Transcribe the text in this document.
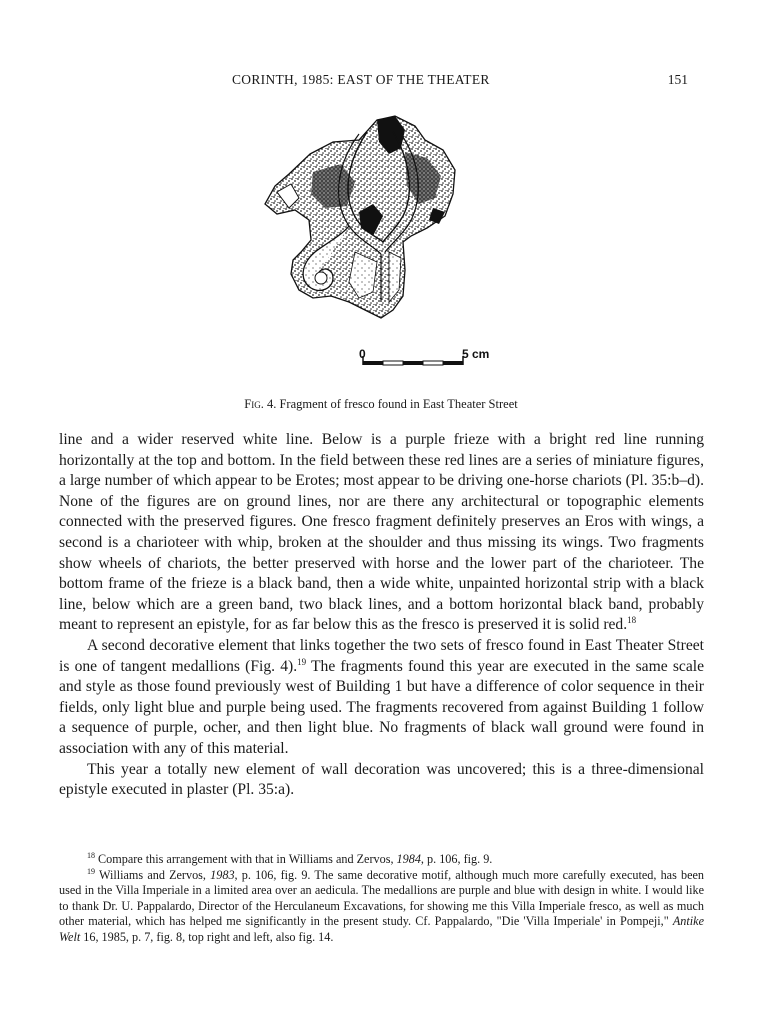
CORINTH, 1985: EAST OF THE THEATER	151
0	5 cm
Fig. 4. Fragment of fresco found in East Theater Street

line and a wider reserved white line. Below is a purple frieze with a bright red line running horizontally at the top and bottom. In the field between these red lines are a series of miniature figures, a large number of which appear to be Erotes; most appear to be driving one-horse chariots (Pl. 35:b–d). None of the figures are on ground lines, nor are there any architectural or topographic elements connected with the preserved figures. One fresco fragment definitely preserves an Eros with wings, a second is a charioteer with whip, broken at the shoulder and thus missing its wings. Two fragments show wheels of chariots, the better preserved with horse and the lower part of the charioteer. The bottom frame of the frieze is a black band, then a wide white, unpainted horizontal strip with a black line, below which are a green band, two black lines, and a bottom horizontal black band, probably meant to represent an epistyle, for as far below this as the fresco is preserved it is solid red.$^{18}$

A second decorative element that links together the two sets of fresco found in East Theater Street is one of tangent medallions (Fig. 4).$^{19}$ The fragments found this year are executed in the same scale and style as those found previously west of Building 1 but have a difference of color sequence in their fields, only light blue and purple being used. The fragments recovered from against Building 1 follow a sequence of purple, ocher, and then light blue. No fragments of black wall ground were found in association with any of this material.

This year a totally new element of wall decoration was uncovered; this is a three-dimensional epistyle executed in plaster (Pl. 35:a).

$^{18}$ Compare this arrangement with that in Williams and Zervos, 1984, p. 106, fig. 9.

$^{19}$ Williams and Zervos, 1983, p. 106, fig. 9. The same decorative motif, although much more carefully executed, has been used in the Villa Imperiale in a limited area over an aedicula. The medallions are purple and blue with design in white. I would like to thank Dr. U. Pappalardo, Director of the Herculaneum Excavations, for showing me this Villa Imperiale fresco, as well as much other material, which has helped me significantly in the present study. Cf. Pappalardo, "Die 'Villa Imperiale' in Pompeji," Antike Welt 16, 1985, p. 7, fig. 8, top right and left, also fig. 14.
